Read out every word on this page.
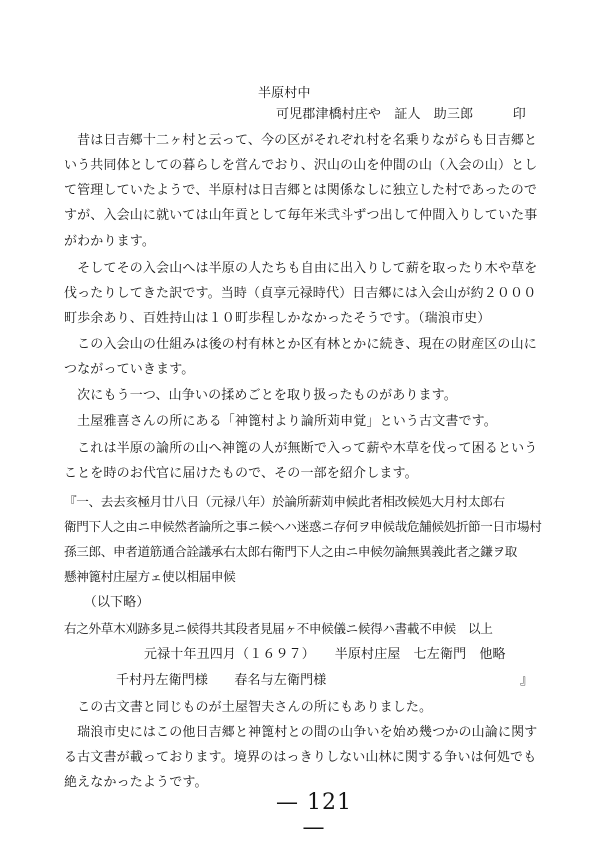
半原村中
可児郡津橋村庄や　証人　助三郎　　　印
　昔は日吉郷十二ヶ村と云って、今の区がそれぞれ村を名乗りながらも日吉郷と
いう共同体としての暮らしを営んでおり、沢山の山を仲間の山（入会の山）とし
て管理していたようで、半原村は日吉郷とは関係なしに独立した村であったので
すが、入会山に就いては山年貢として毎年米弐斗ずつ出して仲間入りしていた事
がわかります。
　そしてその入会山へは半原の人たちも自由に出入りして薪を取ったり木や草を
伐ったりしてきた訳です。当時（貞享元禄時代）日吉郷には入会山が約２０００
町歩余あり、百姓持山は１０町歩程しかなかったそうです。（瑞浪市史）
　この入会山の仕組みは後の村有林とか区有林とかに続き、現在の財産区の山に
つながっていきます。
　次にもう一つ、山争いの揉めごとを取り扱ったものがあります。
　土屋雅喜さんの所にある「神篦村より論所苅申覚」という古文書です。
　これは半原の論所の山へ神篦の人が無断で入って薪や木草を伐って困るという
ことを時のお代官に届けたもので、その一部を紹介します。
『一、去去亥極月廿八日（元禄八年）於論所薪苅申候此者相改候処大月村太郎右
衛門下人之由ニ申候然者論所之事ニ候ヘハ迷惑ニ存何ヲ申候哉危舗候処折節一日市場村
孫三郎、申者道筋通合詮議承右太郎右衛門下人之由ニ申候勿論無異義此者之鎌ヲ取
懸神篦村庄屋方ェ使以相届申候
　　（以下略）
右之外草木刈跡多見ニ候得共其段者見届ヶ不申候儀ニ候得ハ書載不申候　以上
元禄十年丑四月（１６９７）　　半原村庄屋　七左衛門　他略
千村丹左衛門様　　春名与左衛門様	』
　この古文書と同じものが土屋智夫さんの所にもありました。
　瑞浪市史にはこの他日吉郷と神篦村との間の山争いを始め幾つかの山論に関す
る古文書が載っております。境界のはっきりしない山林に関する争いは何処でも
絶えなかったようです。
— 121 —
